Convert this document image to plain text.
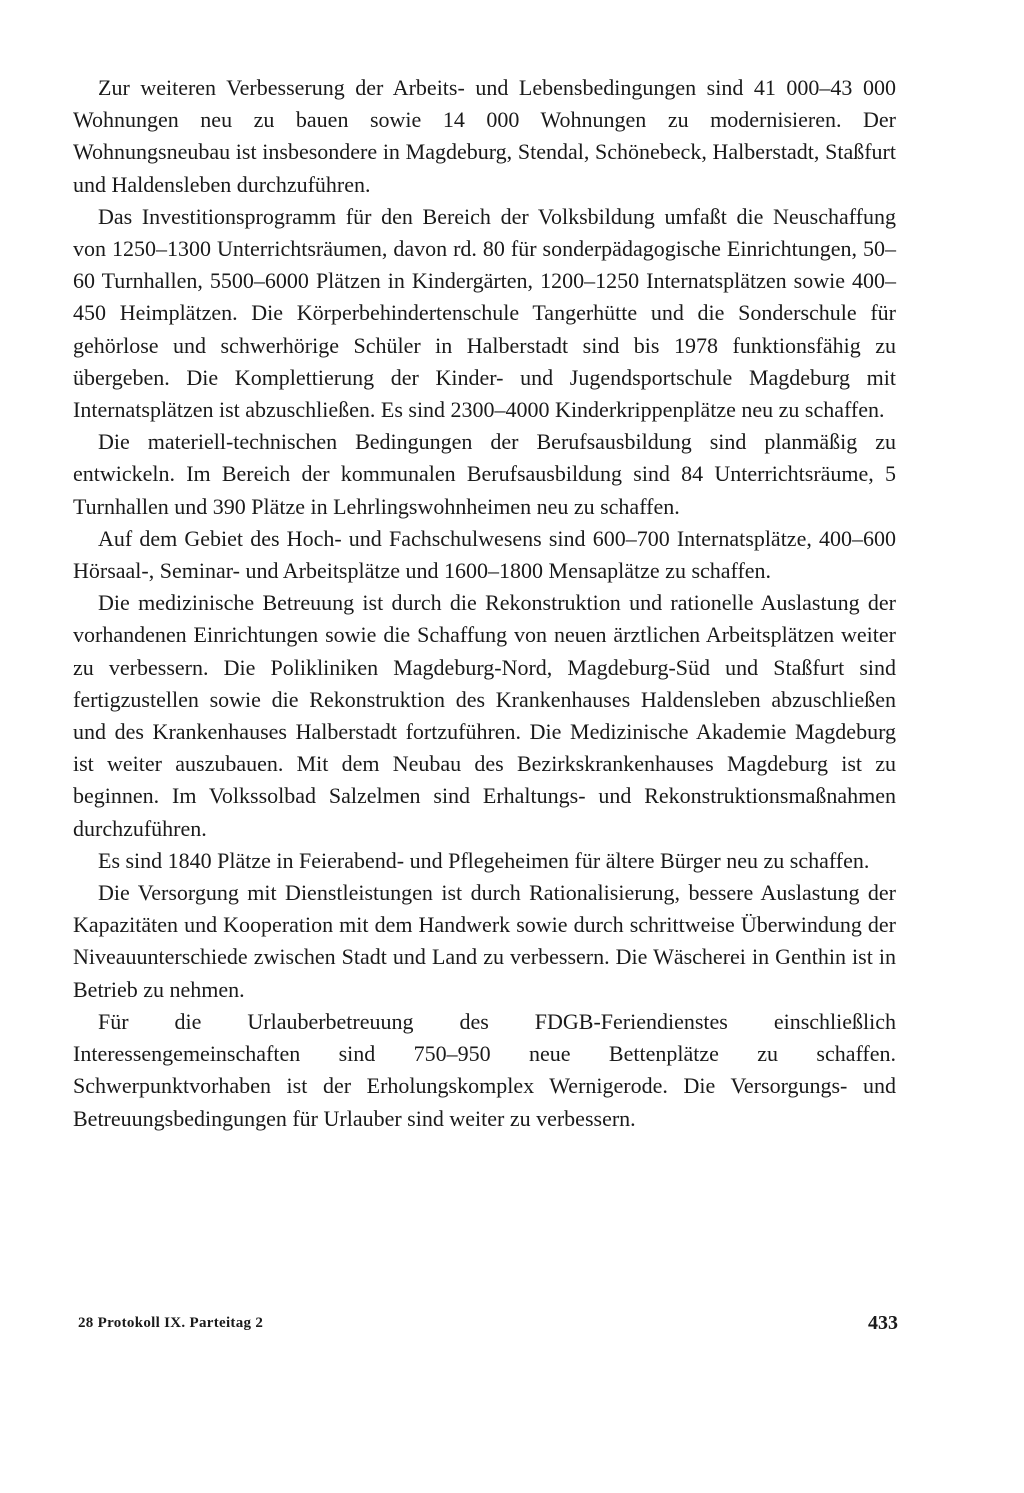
Zur weiteren Verbesserung der Arbeits- und Lebensbedingungen sind 41 000–43 000 Wohnungen neu zu bauen sowie 14 000 Wohnungen zu modernisieren. Der Wohnungsneubau ist insbesondere in Magdeburg, Stendal, Schönebeck, Halberstadt, Staßfurt und Haldensleben durchzuführen.

Das Investitionsprogramm für den Bereich der Volksbildung umfaßt die Neuschaffung von 1250–1300 Unterrichtsräumen, davon rd. 80 für sonderpädagogische Einrichtungen, 50–60 Turnhallen, 5500–6000 Plätzen in Kindergärten, 1200–1250 Internatsplätzen sowie 400–450 Heimplätzen. Die Körperbehindertenschule Tangerhütte und die Sonderschule für gehörlose und schwerhörige Schüler in Halberstadt sind bis 1978 funktionsfähig zu übergeben. Die Komplettierung der Kinder- und Jugendsportschule Magdeburg mit Internatsplätzen ist abzuschließen. Es sind 2300–4000 Kinderkrippenplätze neu zu schaffen.

Die materiell-technischen Bedingungen der Berufsausbildung sind planmäßig zu entwickeln. Im Bereich der kommunalen Berufsausbildung sind 84 Unterrichtsräume, 5 Turnhallen und 390 Plätze in Lehrlingswohnheimen neu zu schaffen.

Auf dem Gebiet des Hoch- und Fachschulwesens sind 600–700 Internatsplätze, 400–600 Hörsaal-, Seminar- und Arbeitsplätze und 1600–1800 Mensaplätze zu schaffen.

Die medizinische Betreuung ist durch die Rekonstruktion und rationelle Auslastung der vorhandenen Einrichtungen sowie die Schaffung von neuen ärztlichen Arbeitsplätzen weiter zu verbessern. Die Polikliniken Magdeburg-Nord, Magdeburg-Süd und Staßfurt sind fertigzustellen sowie die Rekonstruktion des Krankenhauses Haldensleben abzuschließen und des Krankenhauses Halberstadt fortzuführen. Die Medizinische Akademie Magdeburg ist weiter auszubauen. Mit dem Neubau des Bezirkskrankenhauses Magdeburg ist zu beginnen. Im Volkssolbad Salzelmen sind Erhaltungs- und Rekonstruktionsmaßnahmen durchzuführen.

Es sind 1840 Plätze in Feierabend- und Pflegeheimen für ältere Bürger neu zu schaffen.

Die Versorgung mit Dienstleistungen ist durch Rationalisierung, bessere Auslastung der Kapazitäten und Kooperation mit dem Handwerk sowie durch schrittweise Überwindung der Niveauunterschiede zwischen Stadt und Land zu verbessern. Die Wäscherei in Genthin ist in Betrieb zu nehmen.

Für die Urlauberbetreuung des FDGB-Feriendienstes einschließlich Interessengemeinschaften sind 750–950 neue Bettenplätze zu schaffen. Schwerpunktvorhaben ist der Erholungskomplex Wernigerode. Die Versorgungs- und Betreuungsbedingungen für Urlauber sind weiter zu verbessern.

28 Protokoll IX. Parteitag 2	433
